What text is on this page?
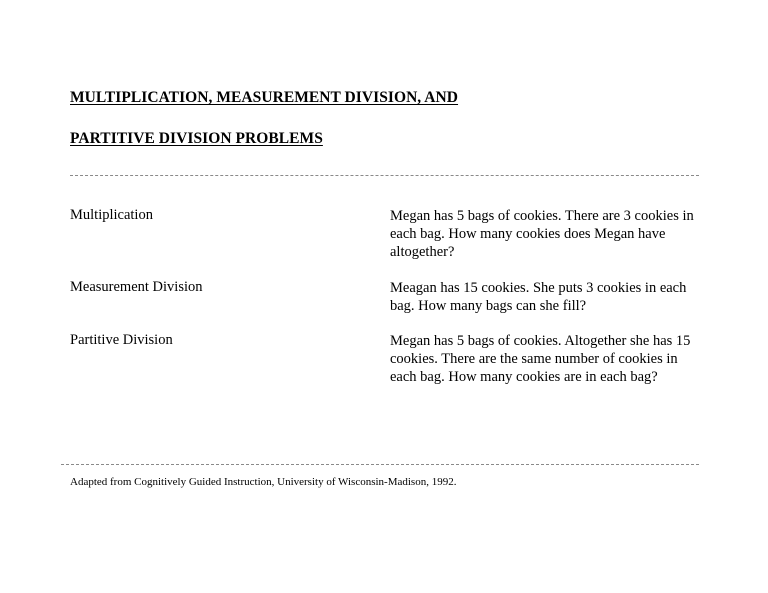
MULTIPLICATION, MEASUREMENT DIVISION, AND
PARTITIVE DIVISION PROBLEMS
Multiplication	Megan has 5 bags of cookies. There are 3 cookies in each bag. How many cookies does Megan have altogether?
Measurement Division	Meagan has 15 cookies. She puts 3 cookies in each bag. How many bags can she fill?
Partitive Division	Megan has 5 bags of cookies. Altogether she has 15 cookies. There are the same number of cookies in each bag. How many cookies are in each bag?
Adapted from Cognitively Guided Instruction, University of Wisconsin-Madison, 1992.
